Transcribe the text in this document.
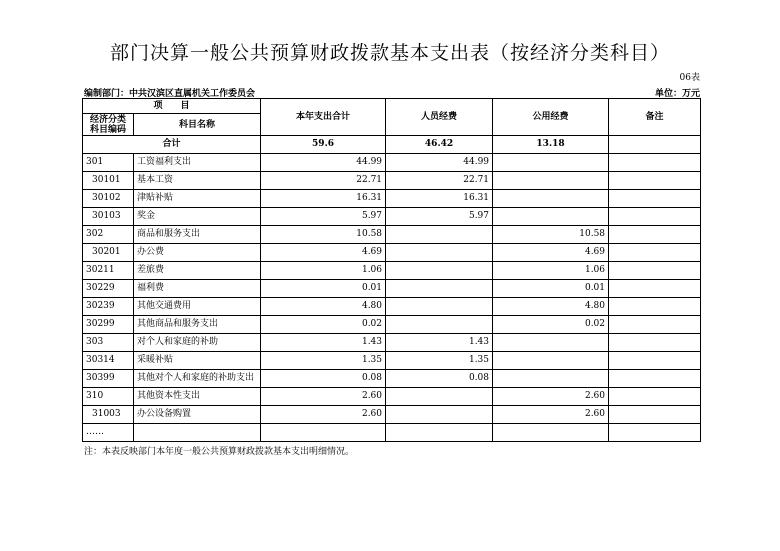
部门决算一般公共预算财政拨款基本支出表（按经济分类科目）
06表
编制部门：中共汉滨区直属机关工作委员会	单位：万元
项　　目		本年支出合计	人员经费	公用经费	备注
经济分类科目编码	科目名称				
合计		59.6	46.42	13.18	
301	工资福利支出	44.99	44.99		
30101	基本工资	22.71	22.71		
30102	津贴补贴	16.31	16.31		
30103	奖金	5.97	5.97		
302	商品和服务支出	10.58		10.58	
30201	办公费	4.69		4.69	
30211	差旅费	1.06		1.06	
30229	福利费	0.01		0.01	
30239	其他交通费用	4.80		4.80	
30299	其他商品和服务支出	0.02		0.02	
303	对个人和家庭的补助	1.43	1.43		
30314	采暖补贴	1.35	1.35		
30399	其他对个人和家庭的补助支出	0.08	0.08		
310	其他资本性支出	2.60		2.60	
31003	办公设备购置	2.60		2.60	
……					
注：本表反映部门本年度一般公共预算财政拨款基本支出明细情况。
